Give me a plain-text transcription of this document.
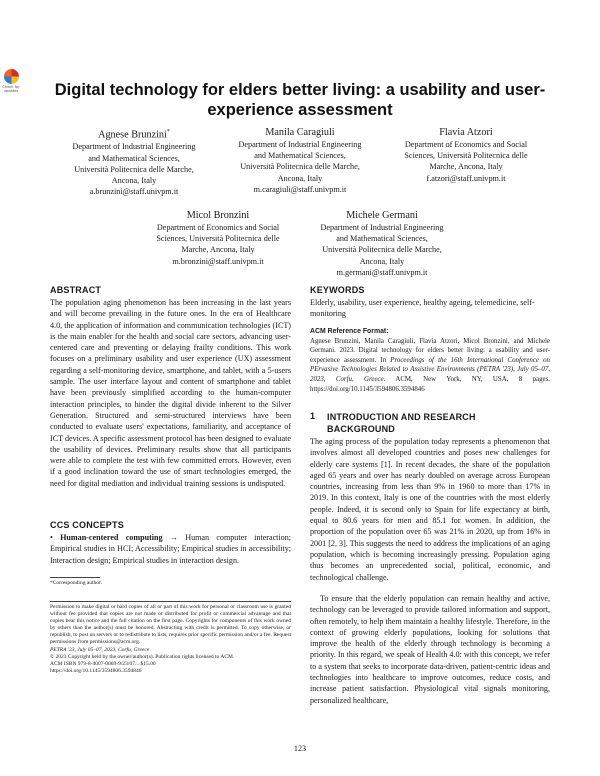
Check for updates Digital technology for elders better living: a usability and user-experience assessment
Agnese Brunzini*
Department of Industrial Engineering
and Mathematical Sciences,
Università Politecnica delle Marche,
Ancona, Italy
a.brunzini@staff.univpm.it
Manila Caragiuli
Department of Industrial Engineering
and Mathematical Sciences,
Università Politecnica delle Marche,
Ancona, Italy
m.caragiuli@staff.univpm.it
Flavia Atzori
Department of Economics and Social
Sciences, Università Politecnica delle
Marche, Ancona, Italy
f.atzori@staff.univpm.it
Micol Bronzini
Department of Economics and Social
Sciences, Università Politecnica delle
Marche, Ancona, Italy
m.bronzini@staff.univpm.it
Michele Germani
Department of Industrial Engineering
and Mathematical Sciences,
Università Politecnica delle Marche,
Ancona, Italy
m.germani@staff.univpm.it
ABSTRACT

The population aging phenomenon has been increasing in the last years and will become prevailing in the future ones. In the era of Healthcare 4.0, the application of information and communication technologies (ICT) is the main enabler for the health and social care sectors, advancing user-centered care and preventing or delaying frailty conditions. This work focuses on a preliminary usability and user experience (UX) assessment regarding a self-monitoring device, smartphone, and tablet, with a 5-users sample. The user interface layout and content of smartphone and tablet have been previously simplified according to the human-computer interaction principles, to hinder the digital divide inherent to the Silver Generation. Structured and semi-structured interviews have been conducted to evaluate users' expectations, familiarity, and acceptance of ICT devices. A specific assessment protocol has been designed to evaluate the usability of devices. Preliminary results show that all participants were able to complete the test with few committed errors. However, even if a good inclination toward the use of smart technologies emerged, the need for digital mediation and individual training sessions is undisputed.

CCS CONCEPTS

• Human-centered computing → Human computer interaction; Empirical studies in HCI; Accessibility; Empirical studies in accessibility; Interaction design; Empirical studies in interaction design.

*Corresponding author.

Permission to make digital or hard copies of all or part of this work for personal or classroom use is granted without fee provided that copies are not made or distributed for profit or commercial advantage and that copies bear this notice and the full citation on the first page. Copyrights for components of this work owned by others than the author(s) must be honored. Abstracting with credit is permitted. To copy otherwise, or republish, to post on servers or to redistribute to lists, requires prior specific permission and/or a fee. Request permissions from permissions@acm.org.
PETRA '23, July 05–07, 2023, Corfu, Greece
© 2023 Copyright held by the owner/author(s). Publication rights licensed to ACM.
ACM ISBN 979-8-4007-0069-9/23/07... $15.00
https://doi.org/10.1145/3594806.3594846
KEYWORDS

Elderly, usability, user experience, healthy ageing, telemedicine, self-monitoring

ACM Reference Format:
Agnese Brunzini, Manila Caragiuli, Flavia Atzori, Micol Bronzini, and Michele Germani. 2023. Digital technology for elders better living: a usability and user-experience assessment. In Proceedings of the 16th International Conference on PErvasive Technologies Related to Assistive Environments (PETRA '23), July 05–07, 2023, Corfu, Greece. ACM, New York, NY, USA, 8 pages. https://doi.org/10.1145/3594806.3594846

1 INTRODUCTION AND RESEARCH
BACKGROUND

The aging process of the population today represents a phenomenon that involves almost all developed countries and poses new challenges for elderly care systems [1]. In recent decades, the share of the population aged 65 years and over has nearly doubled on average across European countries, increasing from less than 9% in 1960 to more than 17% in 2019. In this context, Italy is one of the countries with the most elderly people. Indeed, it is second only to Spain for life expectancy at birth, equal to 80.6 years for men and 85.1 for women. In addition, the proportion of the population over 65 was 21% in 2020, up from 16% in 2001 [2, 3]. This suggests the need to address the implications of an aging population, which is becoming increasingly pressing. Population aging thus becomes an unprecedented social, political, economic, and technological challenge.

To ensure that the elderly population can remain healthy and active, technology can be leveraged to provide tailored information and support, often remotely, to help them maintain a healthy lifestyle. Therefore, in the context of growing elderly populations, looking for solutions that improve the health of the elderly through technology is becoming a priority. In this regard, we speak of Health 4.0: with this concept, we refer to a system that seeks to incorporate data-driven, patient-centric ideas and technologies into healthcare to improve outcomes, reduce costs, and increase patient satisfaction. Physiological vital signals monitoring, personalized healthcare,

123
